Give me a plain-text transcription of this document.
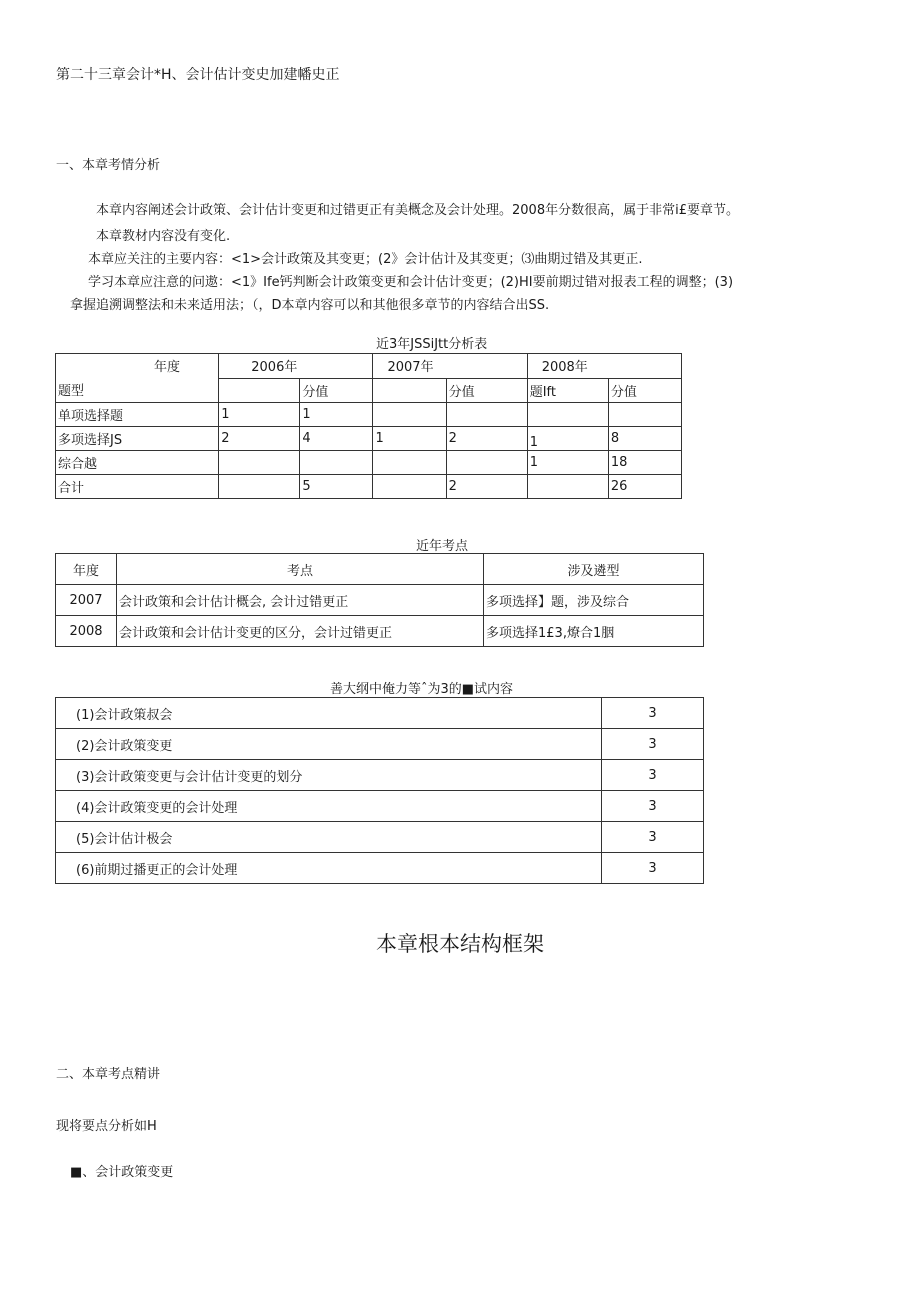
第二十三章会计*H、会计估计变史加建幡史正
一、本章考情分析
本章内容阐述会计政策、会计估计变更和过错更正有美概念及会计处理。2008年分数很高，属于非常i£要章节。
本章教材内容没有变化.
本章应关注的主要内容：<1>会计政策及其变更；(2》会计估计及其变更；⑶曲期过错及其更正.
学习本章应注意的问遨：<1》Ife钙判断会计政策变更和会计估计变更；(2)HI要前期过错对报表工程的调整；(3)
拿握追溯调整法和未来适用法；（，D本章内容可以和其他很多章节的内容结合出SS.
近3年JSSiJtt分析表
年度
题型	2006年		2007年		2008年	
		分值		分值	题Ift	分值
单项选择题	1	1				
多项选择JS	2	4	1	2	1	8
综合越					1	18
合计		5		2		26
近年考点
年度	考点	涉及遴型
2007	会计政策和会计估计概会, 会计过错更正	多项选择】题，涉及综合
2008	会计政策和会计估计变更的区分，会计过错更正	多项选择1£3,燎合1胭
善大纲中俺力等ˆ为3的■试内容
(1)会计政策叔会	3
(2)会计政策变更	3
(3)会计政策变更与会计估计变更的划分	3
(4)会计政策变更的会计处理	3
(5)会计估计极会	3
(6)前期过播更正的会计处理	3
本章根本结构框架
二、本章考点精讲
现将要点分析如H
■、会计政策变更
